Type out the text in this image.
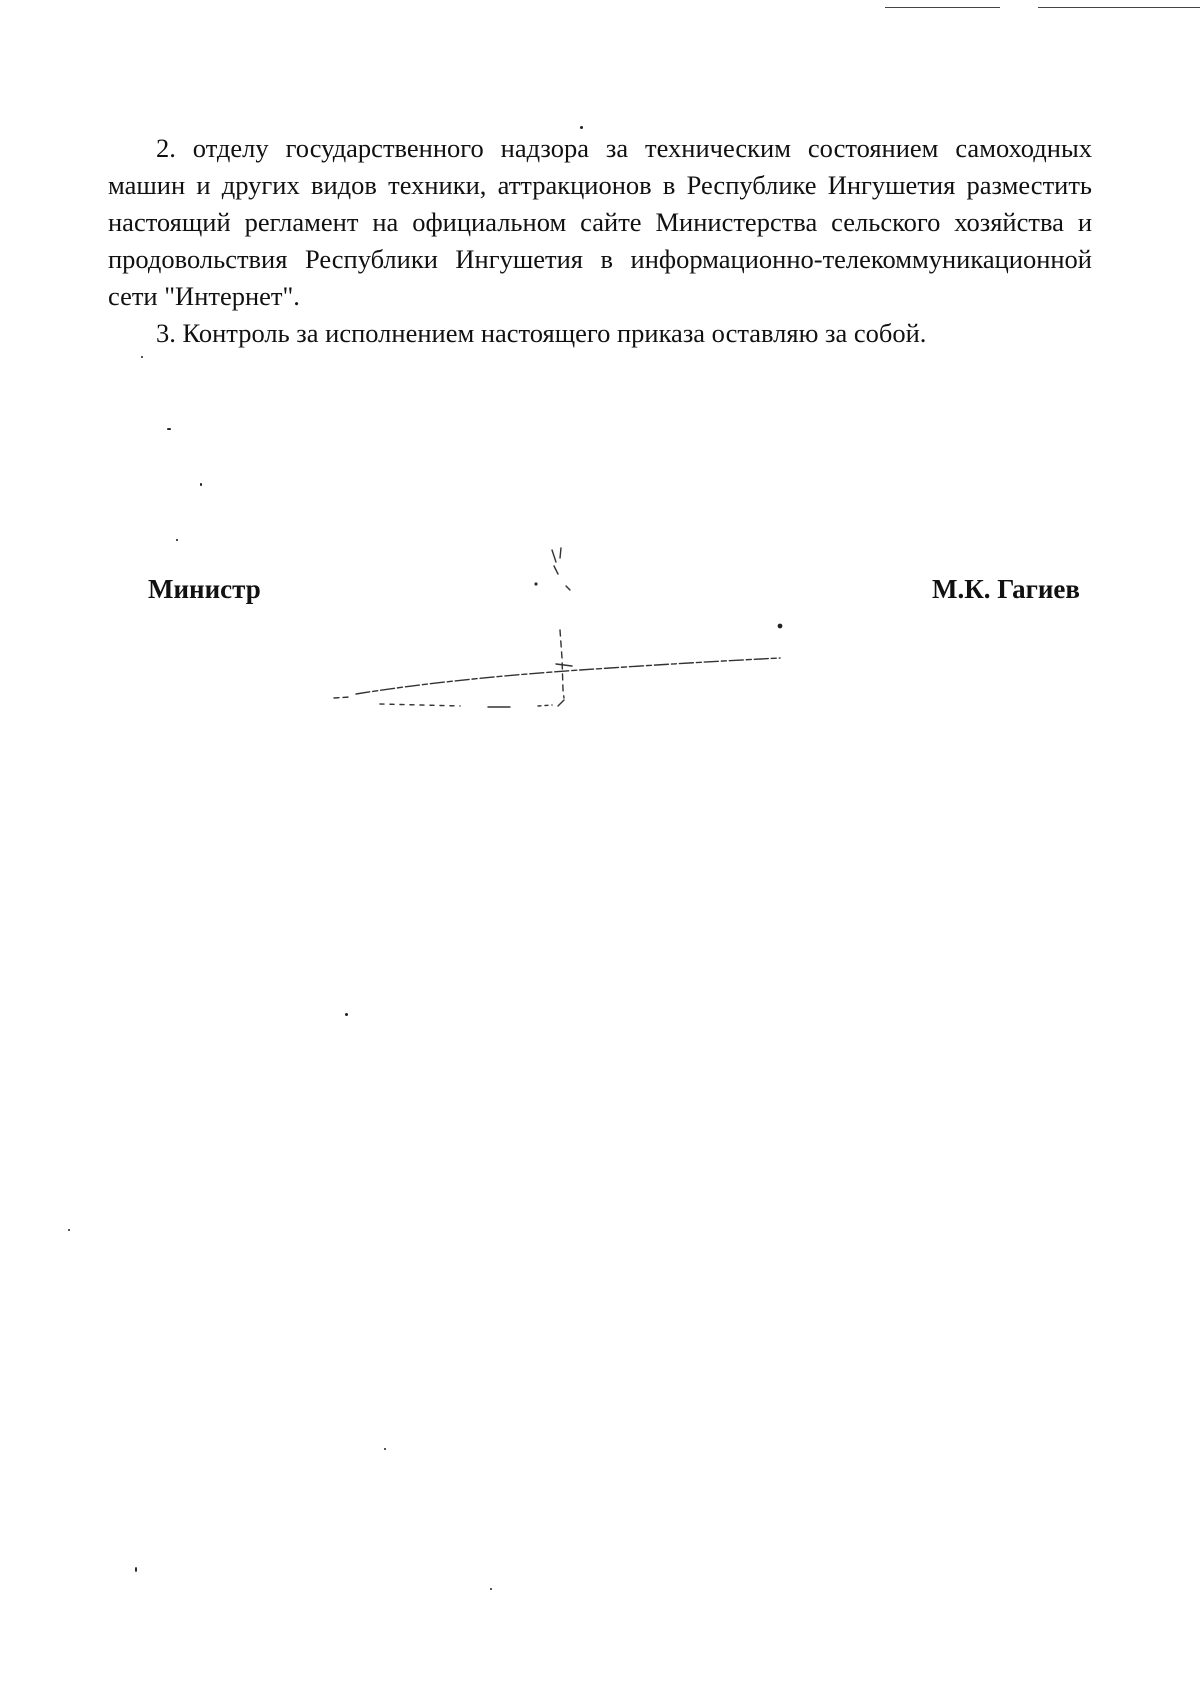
2. отделу государственного надзора за техническим состоянием самоходных машин и других видов техники, аттракционов в Республике Ингушетия разместить настоящий регламент на официальном сайте Министерства сельского хозяйства и продовольствия Республики Ингушетия в информационно-телекоммуникационной сети "Интернет".

3. Контроль за исполнением настоящего приказа оставляю за собой.

Министр	М.К. Гагиев
